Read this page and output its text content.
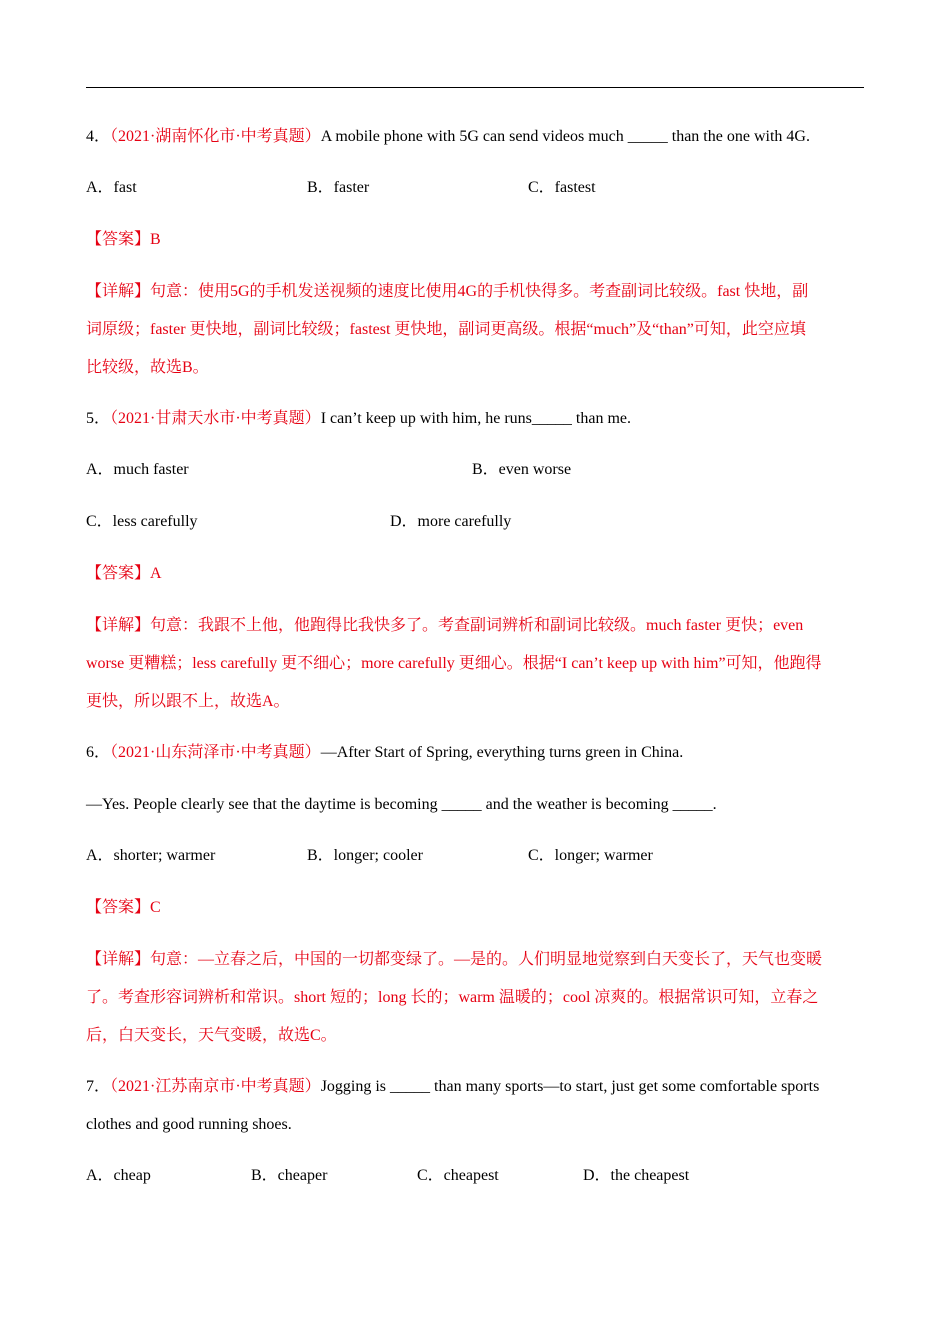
4．（2021·湖南怀化市·中考真题）A mobile phone with 5G can send videos much _____ than the one with 4G.
A．fast	B．faster	C．fastest
【答案】B
【详解】句意：使用5G的手机发送视频的速度比使用4G的手机快得多。考查副词比较级。fast 快地，副
词原级；faster 更快地，副词比较级；fastest 更快地，副词更高级。根据“much”及“than”可知，此空应填
比较级，故选B。
5．（2021·甘肃天水市·中考真题）I can’t keep up with him, he runs_____ than me.
A．much faster	B．even worse
C．less carefully	D．more carefully
【答案】A
【详解】句意：我跟不上他，他跑得比我快多了。考查副词辨析和副词比较级。much faster 更快；even
worse 更糟糕；less carefully 更不细心；more carefully 更细心。根据“I can’t keep up with him”可知，他跑得
更快，所以跟不上，故选A。
6．（2021·山东菏泽市·中考真题）—After Start of Spring, everything turns green in China.
—Yes. People clearly see that the daytime is becoming _____ and the weather is becoming _____.
A．shorter; warmer	B．longer; cooler	C．longer; warmer
【答案】C
【详解】句意：—立春之后，中国的一切都变绿了。—是的。人们明显地觉察到白天变长了，天气也变暖
了。考查形容词辨析和常识。short 短的；long 长的；warm 温暖的；cool 凉爽的。根据常识可知，立春之
后，白天变长，天气变暖，故选C。
7．（2021·江苏南京市·中考真题）Jogging is _____ than many sports—to start, just get some comfortable sports
clothes and good running shoes.
A．cheap	B．cheaper	C．cheapest	D．the cheapest
